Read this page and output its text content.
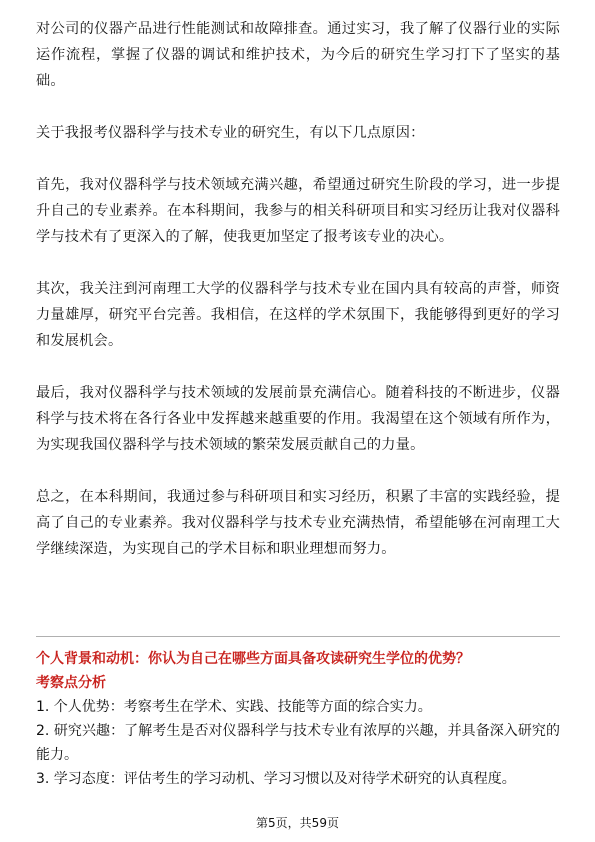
对公司的仪器产品进行性能测试和故障排查。通过实习，我了解了仪器行业的实际运作流程，掌握了仪器的调试和维护技术，为今后的研究生学习打下了坚实的基础。

关于我报考仪器科学与技术专业的研究生，有以下几点原因：

首先，我对仪器科学与技术领域充满兴趣，希望通过研究生阶段的学习，进一步提升自己的专业素养。在本科期间，我参与的相关科研项目和实习经历让我对仪器科学与技术有了更深入的了解，使我更加坚定了报考该专业的决心。

其次，我关注到河南理工大学的仪器科学与技术专业在国内具有较高的声誉，师资力量雄厚，研究平台完善。我相信，在这样的学术氛围下，我能够得到更好的学习和发展机会。

最后，我对仪器科学与技术领域的发展前景充满信心。随着科技的不断进步，仪器科学与技术将在各行各业中发挥越来越重要的作用。我渴望在这个领域有所作为，为实现我国仪器科学与技术领域的繁荣发展贡献自己的力量。

总之，在本科期间，我通过参与科研项目和实习经历，积累了丰富的实践经验，提高了自己的专业素养。我对仪器科学与技术专业充满热情，希望能够在河南理工大学继续深造，为实现自己的学术目标和职业理想而努力。

个人背景和动机：你认为自己在哪些方面具备攻读研究生学位的优势？

考察点分析

1. 个人优势：考察考生在学术、实践、技能等方面的综合实力。
2. 研究兴趣：了解考生是否对仪器科学与技术专业有浓厚的兴趣，并具备深入研究的能力。
3. 学习态度：评估考生的学习动机、学习习惯以及对待学术研究的认真程度。
第5页，共59页
